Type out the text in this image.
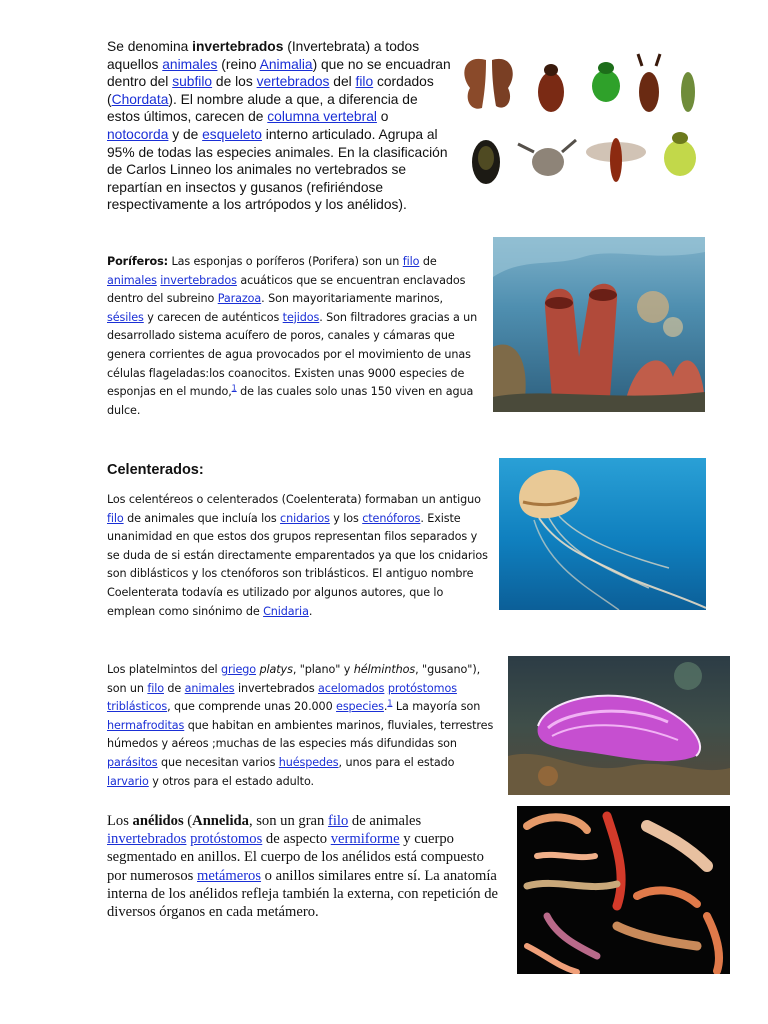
Se denomina invertebrados (Invertebrata) a todos aquellos animales (reino Animalia) que no se encuadran dentro del subfilo de los vertebrados del filo cordados (Chordata). El nombre alude a que, a diferencia de estos últimos, carecen de columna vertebral o notocorda y de esqueleto interno articulado. Agrupa al 95% de todas las especies animales. En la clasificación de Carlos Linneo los animales no vertebrados se repartían en insectos y gusanos (refiriéndose respectivamente a los artrópodos y los anélidos).
Poríferos: Las esponjas o poríferos (Porifera) son un filo de animales invertebrados acuáticos que se encuentran enclavados dentro del subreino Parazoa. Son mayoritariamente marinos, sésiles y carecen de auténticos tejidos. Son filtradores gracias a un desarrollado sistema acuífero de poros, canales y cámaras que genera corrientes de agua provocados por el movimiento de unas células flageladas:los coanocitos. Existen unas 9000 especies de esponjas en el mundo,$^1$ de las cuales solo unas 150 viven en agua dulce.
Celenterados:
Los celentéreos o celenterados (Coelenterata) formaban un antiguo filo de animales que incluía los cnidarios y los ctenóforos. Existe unanimidad en que estos dos grupos representan filos separados y se duda de si están directamente emparentados ya que los cnidarios son diblásticos y los ctenóforos son triblásticos. El antiguo nombre Coelenterata todavía es utilizado por algunos autores, que lo emplean como sinónimo de Cnidaria.
Los platelmintos del griego platys, "plano" y hélminthos, "gusano"), son un filo de animales invertebrados acelomados protóstomos triblásticos, que comprende unas 20.000 especies.$^1$ La mayoría son hermafroditas que habitan en ambientes marinos, fluviales, terrestres húmedos y aéreos ;muchas de las especies más difundidas son parásitos que necesitan varios huéspedes, unos para el estado larvario y otros para el estado adulto.
Los anélidos (Annelida, son un gran filo de animales invertebrados protóstomos de aspecto vermiforme y cuerpo segmentado en anillos. El cuerpo de los anélidos está compuesto por numerosos metámeros o anillos similares entre sí. La anatomía interna de los anélidos refleja también la externa, con repetición de diversos órganos en cada metámero.
